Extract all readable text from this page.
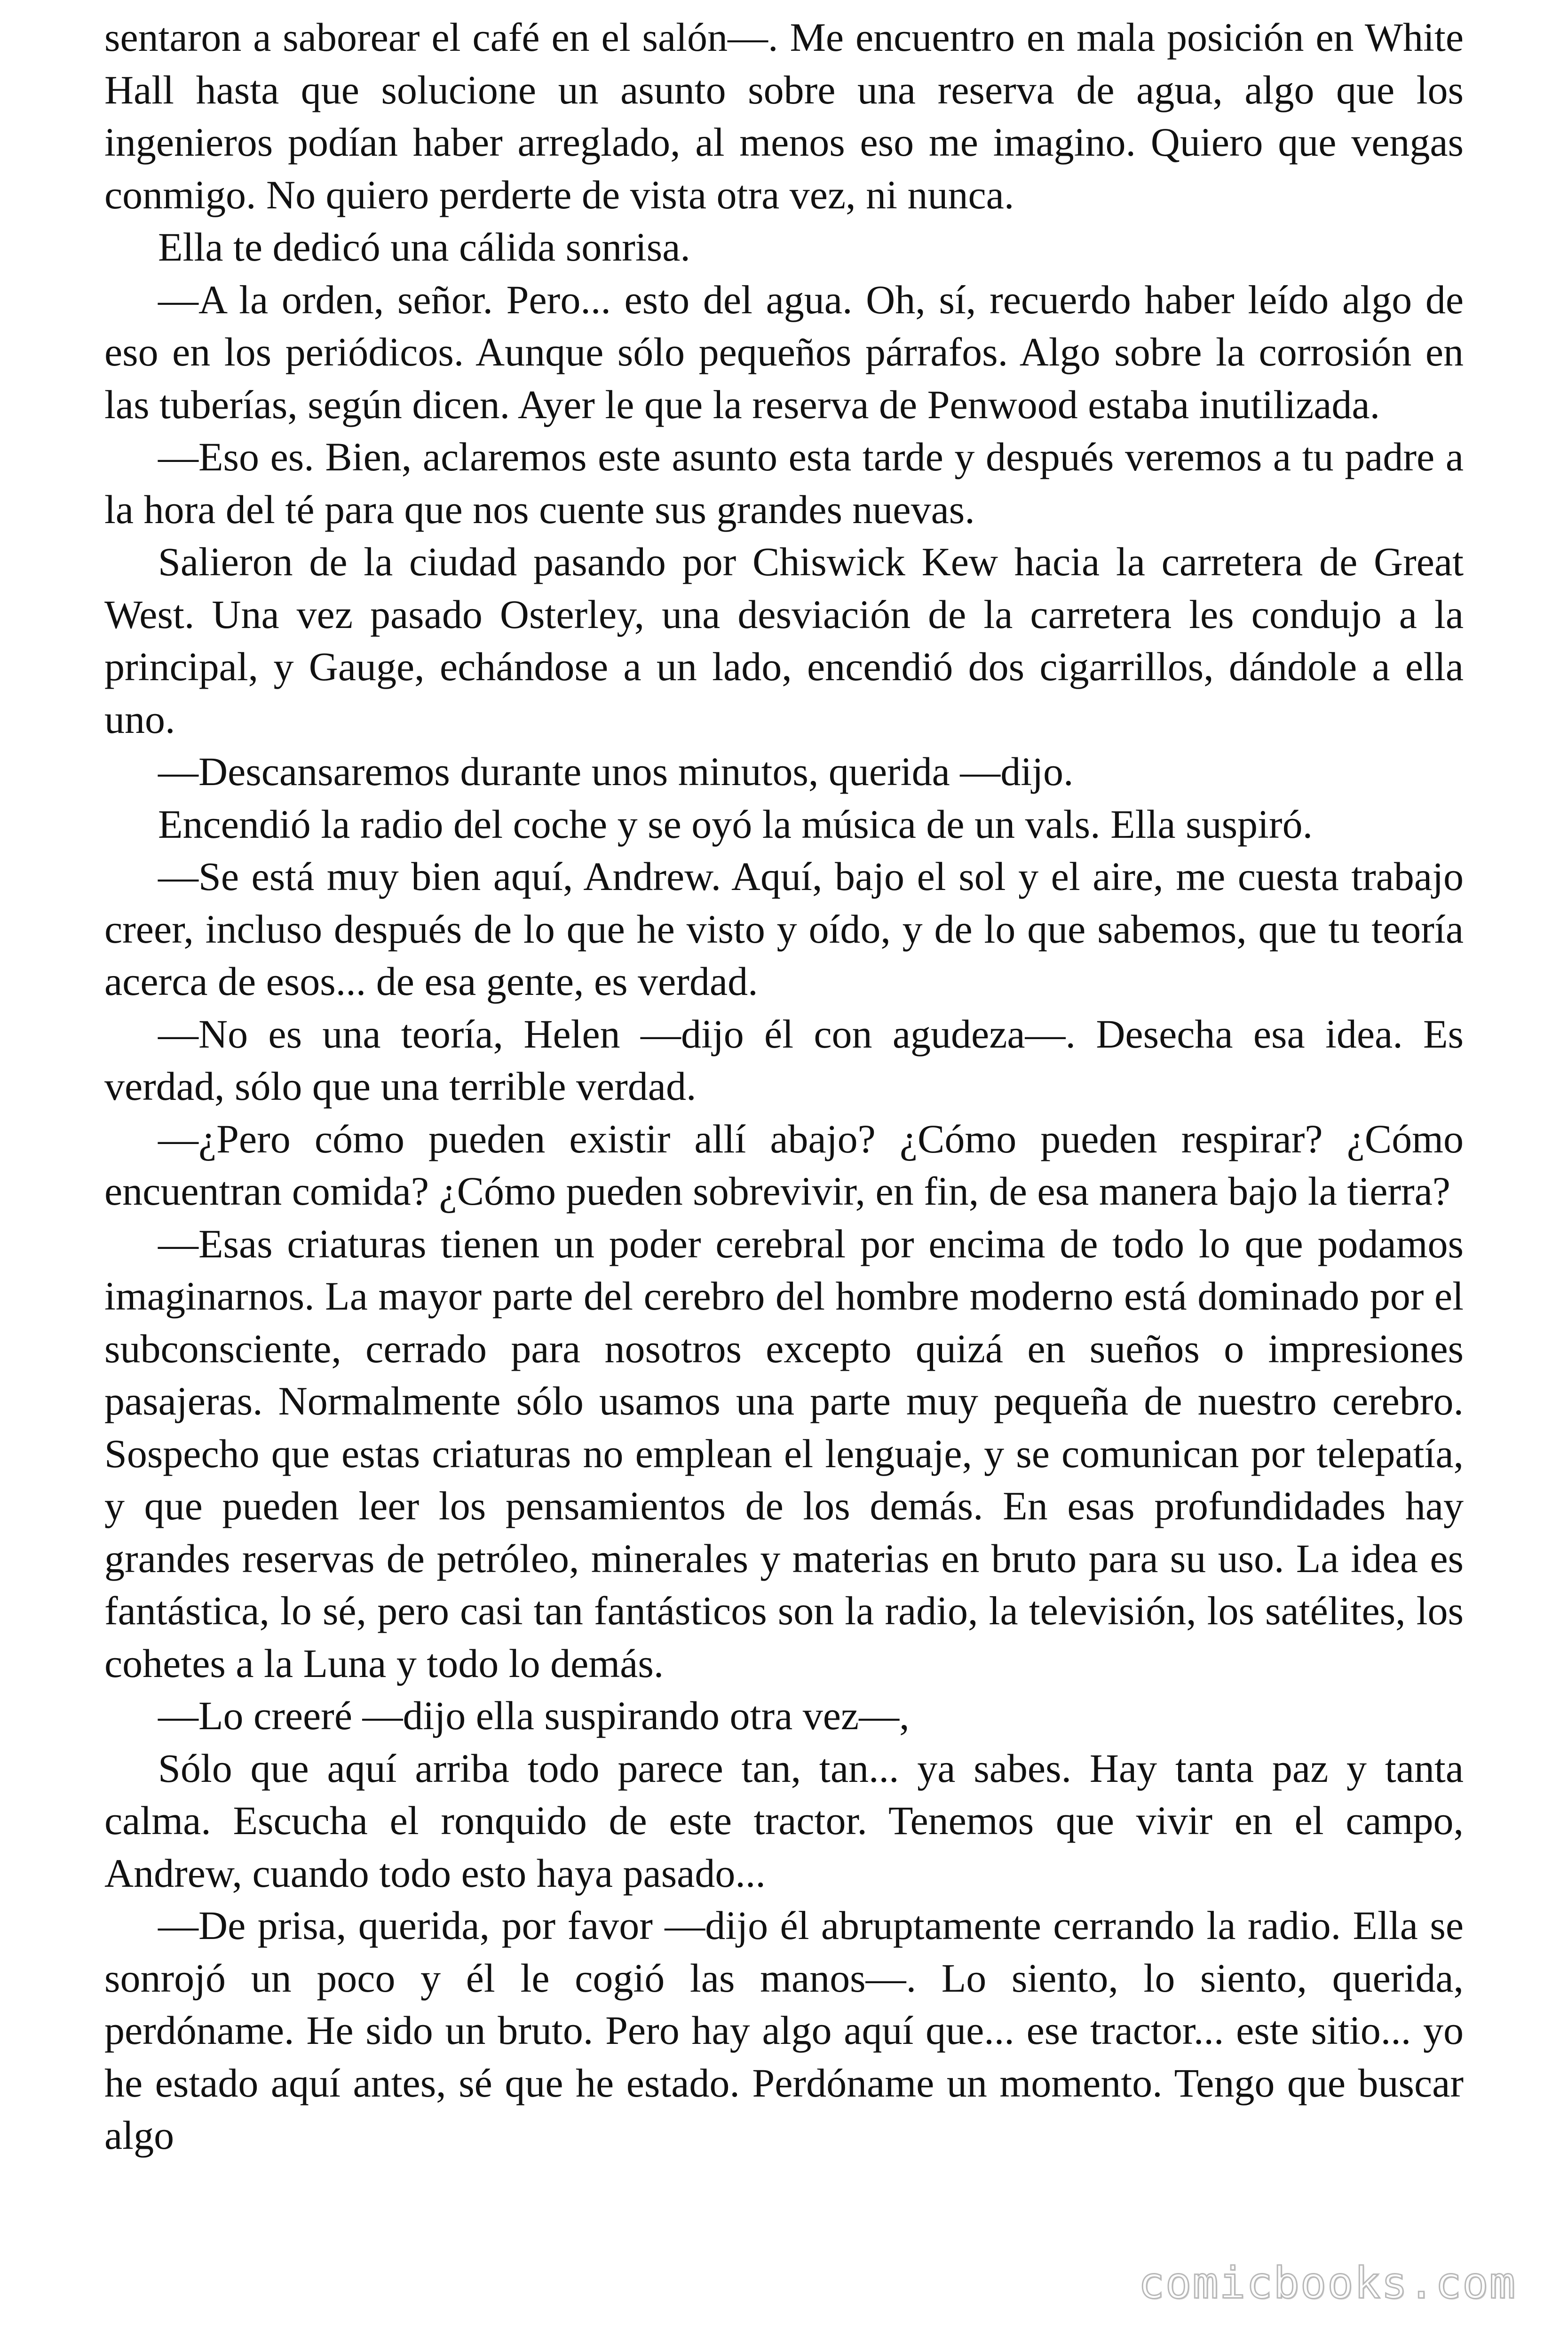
sentaron a saborear el café en el salón—. Me encuentro en mala posición en White Hall hasta que solucione un asunto sobre una reserva de agua, algo que los ingenieros podían haber arreglado, al menos eso me imagino. Quiero que vengas conmigo. No quiero perderte de vista otra vez, ni nunca.

Ella te dedicó una cálida sonrisa.

—A la orden, señor. Pero... esto del agua. Oh, sí, recuerdo haber leído algo de eso en los periódicos. Aunque sólo pequeños párrafos. Algo sobre la corrosión en las tuberías, según dicen. Ayer le que la reserva de Penwood estaba inutilizada.

—Eso es. Bien, aclaremos este asunto esta tarde y después veremos a tu padre a la hora del té para que nos cuente sus grandes nuevas.

Salieron de la ciudad pasando por Chiswick Kew hacia la carretera de Great West. Una vez pasado Osterley, una desviación de la carretera les condujo a la principal, y Gauge, echándose a un lado, encendió dos cigarrillos, dándole a ella uno.

—Descansaremos durante unos minutos, querida —dijo.

Encendió la radio del coche y se oyó la música de un vals. Ella suspiró.

—Se está muy bien aquí, Andrew. Aquí, bajo el sol y el aire, me cuesta trabajo creer, incluso después de lo que he visto y oído, y de lo que sabemos, que tu teoría acerca de esos... de esa gente, es verdad.

—No es una teoría, Helen —dijo él con agudeza—. Desecha esa idea. Es verdad, sólo que una terrible verdad.

—¿Pero cómo pueden existir allí abajo? ¿Cómo pueden respirar? ¿Cómo encuentran comida? ¿Cómo pueden sobrevivir, en fin, de esa manera bajo la tierra?

—Esas criaturas tienen un poder cerebral por encima de todo lo que podamos imaginarnos. La mayor parte del cerebro del hombre moderno está dominado por el subconsciente, cerrado para nosotros excepto quizá en sueños o impresiones pasajeras. Normalmente sólo usamos una parte muy pequeña de nuestro cerebro. Sospecho que estas criaturas no emplean el lenguaje, y se comunican por telepatía, y que pueden leer los pensamientos de los demás. En esas profundidades hay grandes reservas de petróleo, minerales y materias en bruto para su uso. La idea es fantástica, lo sé, pero casi tan fantásticos son la radio, la televisión, los satélites, los cohetes a la Luna y todo lo demás.

—Lo creeré —dijo ella suspirando otra vez—,

Sólo que aquí arriba todo parece tan, tan... ya sabes. Hay tanta paz y tanta calma. Escucha el ronquido de este tractor. Tenemos que vivir en el campo, Andrew, cuando todo esto haya pasado...

—De prisa, querida, por favor —dijo él abruptamente cerrando la radio. Ella se sonrojó un poco y él le cogió las manos—. Lo siento, lo siento, querida, perdóname. He sido un bruto. Pero hay algo aquí que... ese tractor... este sitio... yo he estado aquí antes, sé que he estado. Perdóname un momento. Tengo que buscar algo

comicbooks.com
